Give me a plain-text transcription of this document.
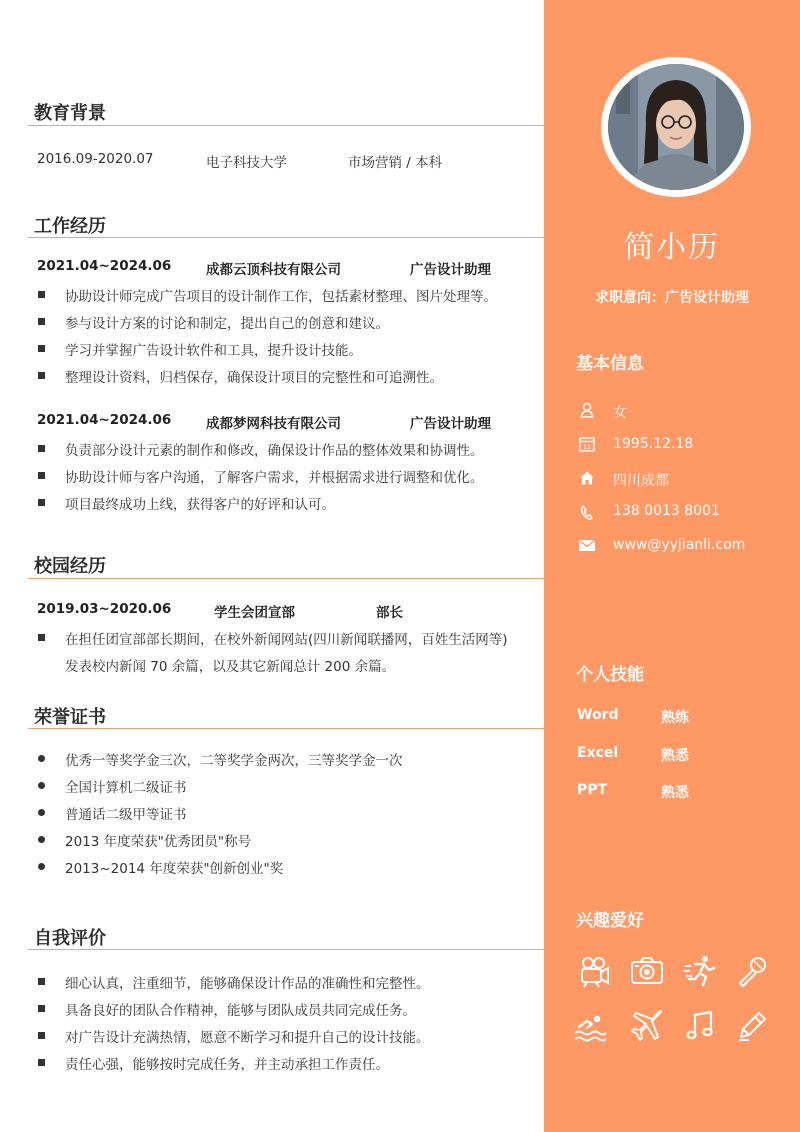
教育背景
2016.09-2020.07	电子科技大学	市场营销 / 本科
工作经历
2021.04~2024.06	成都云顶科技有限公司	广告设计助理
协助设计师完成广告项目的设计制作工作，包括素材整理、图片处理等。
参与设计方案的讨论和制定，提出自己的创意和建议。
学习并掌握广告设计软件和工具，提升设计技能。
整理设计资料，归档保存，确保设计项目的完整性和可追溯性。
2021.04~2024.06	成都梦网科技有限公司	广告设计助理
负责部分设计元素的制作和修改，确保设计作品的整体效果和协调性。
协助设计师与客户沟通，了解客户需求，并根据需求进行调整和优化。
项目最终成功上线，获得客户的好评和认可。
校园经历
2019.03~2020.06	学生会团宣部	部长
在担任团宣部部长期间，在校外新闻网站(四川新闻联播网，百姓生活网等)
发表校内新闻 70 余篇，以及其它新闻总计 200 余篇。
荣誉证书
优秀一等奖学金三次，二等奖学金两次，三等奖学金一次
全国计算机二级证书
普通话二级甲等证书
2013 年度荣获"优秀团员"称号
2013~2014 年度荣获"创新创业"奖
自我评价
细心认真，注重细节，能够确保设计作品的准确性和完整性。
具备良好的团队合作精神，能够与团队成员共同完成任务。
对广告设计充满热情，愿意不断学习和提升自己的设计技能。
责任心强，能够按时完成任务，并主动承担工作责任。
简小历
求职意向：广告设计助理
基本信息
女
11 1995.12.18
四川成都
138 0013 8001
www@yyjianli.com
个人技能
Word	熟练
Excel	熟悉
PPT	熟悉
兴趣爱好
